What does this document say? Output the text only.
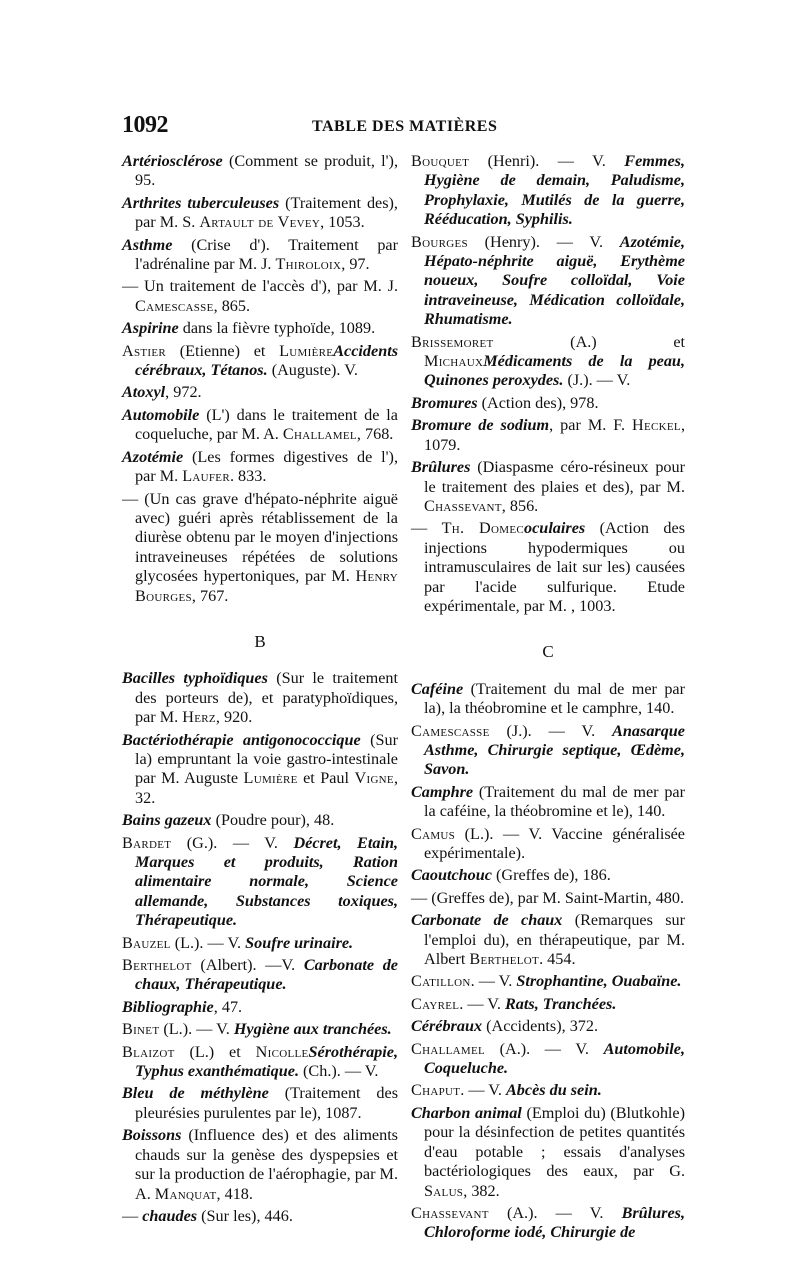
1092	TABLE DES MATIÈRES
Artériosclérose (Comment se produit, l'), 95.
Arthrites tuberculeuses (Traitement des), par M. S. Artault de Vevey, 1053.
Asthme (Crise d'). Traitement par l'adrénaline par M. J. Thiroloix, 97.
— Un traitement de l'accès d'), par M. J. Camescasse, 865.
Aspirine dans la fièvre typhoïde, 1089.
Astier (Etienne) et LumièreAccidents cérébraux, Tétanos. (Auguste). V.
Atoxyl, 972.
Automobile (L') dans le traitement de la coqueluche, par M. A. Challamel, 768.
Azotémie (Les formes digestives de l'), par M. Laufer. 833.
— (Un cas grave d'hépato-néphrite aiguë avec) guéri après rétablissement de la diurèse obtenu par le moyen d'injections intraveineuses répétées de solutions glycosées hypertoniques, par M. Henry Bourges, 767.
B
Bacilles typhoïdiques (Sur le traitement des porteurs de), et paratyphoïdiques, par M. Herz, 920.
Bactériothérapie antigonococcique (Sur la) empruntant la voie gastro-intestinale par M. Auguste Lumière et Paul Vigne, 32.
Bains gazeux (Poudre pour), 48.
Bardet (G.). — V. Décret, Etain, Marques et produits, Ration alimentaire normale, Science allemande, Substances toxiques, Thérapeutique.
Bauzel (L.). — V. Soufre urinaire.
Berthelot (Albert). —V. Carbonate de chaux, Thérapeutique.
Bibliographie, 47.
Binet (L.). — V. Hygiène aux tranchées.
Blaizot (L.) et NicolleSérothérapie, Typhus exanthématique. (Ch.). — V.
Bleu de méthylène (Traitement des pleurésies purulentes par le), 1087.
Boissons (Influence des) et des aliments chauds sur la genèse des dyspepsies et sur la production de l'aérophagie, par M. A. Manquat, 418.
— chaudes (Sur les), 446.
Bouquet (Henri). — V. Femmes, Hygiène de demain, Paludisme, Prophylaxie, Mutilés de la guerre, Rééducation, Syphilis.
Bourges (Henry). — V. Azotémie, Hépato-néphrite aiguë, Erythème noueux, Soufre colloïdal, Voie intraveineuse, Médication colloïdale, Rhumatisme.
Brissemoret (A.) et MichauxMédicaments de la peau, Quinones peroxydes. (J.). — V.
Bromures (Action des), 978.
Bromure de sodium, par M. F. Heckel, 1079.
Brûlures (Diaspasme céro-résineux pour le traitement des plaies et des), par M. Chassevant, 856.
— Th. Domecoculaires (Action des injections hypodermiques ou intramusculaires de lait sur les) causées par l'acide sulfurique. Etude expérimentale, par M. , 1003.
C
Caféine (Traitement du mal de mer par la), la théobromine et le camphre, 140.
Camescasse (J.). — V. Anasarque Asthme, Chirurgie septique, Œdème, Savon.
Camphre (Traitement du mal de mer par la caféine, la théobromine et le), 140.
Camus (L.). — V. Vaccine généralisée expérimentale).
Caoutchouc (Greffes de), 186.
— (Greffes de), par M. Saint-Martin, 480.
Carbonate de chaux (Remarques sur l'emploi du), en thérapeutique, par M. Albert Berthelot. 454.
Catillon. — V. Strophantine, Ouabaïne.
Cayrel. — V. Rats, Tranchées.
Cérébraux (Accidents), 372.
Challamel (A.). — V. Automobile, Coqueluche.
Chaput. — V. Abcès du sein.
Charbon animal (Emploi du) (Blutkohle) pour la désinfection de petites quantités d'eau potable ; essais d'analyses bactériologiques des eaux, par G. Salus, 382.
Chassevant (A.). — V. Brûlures, Chloroforme iodé, Chirurgie de
